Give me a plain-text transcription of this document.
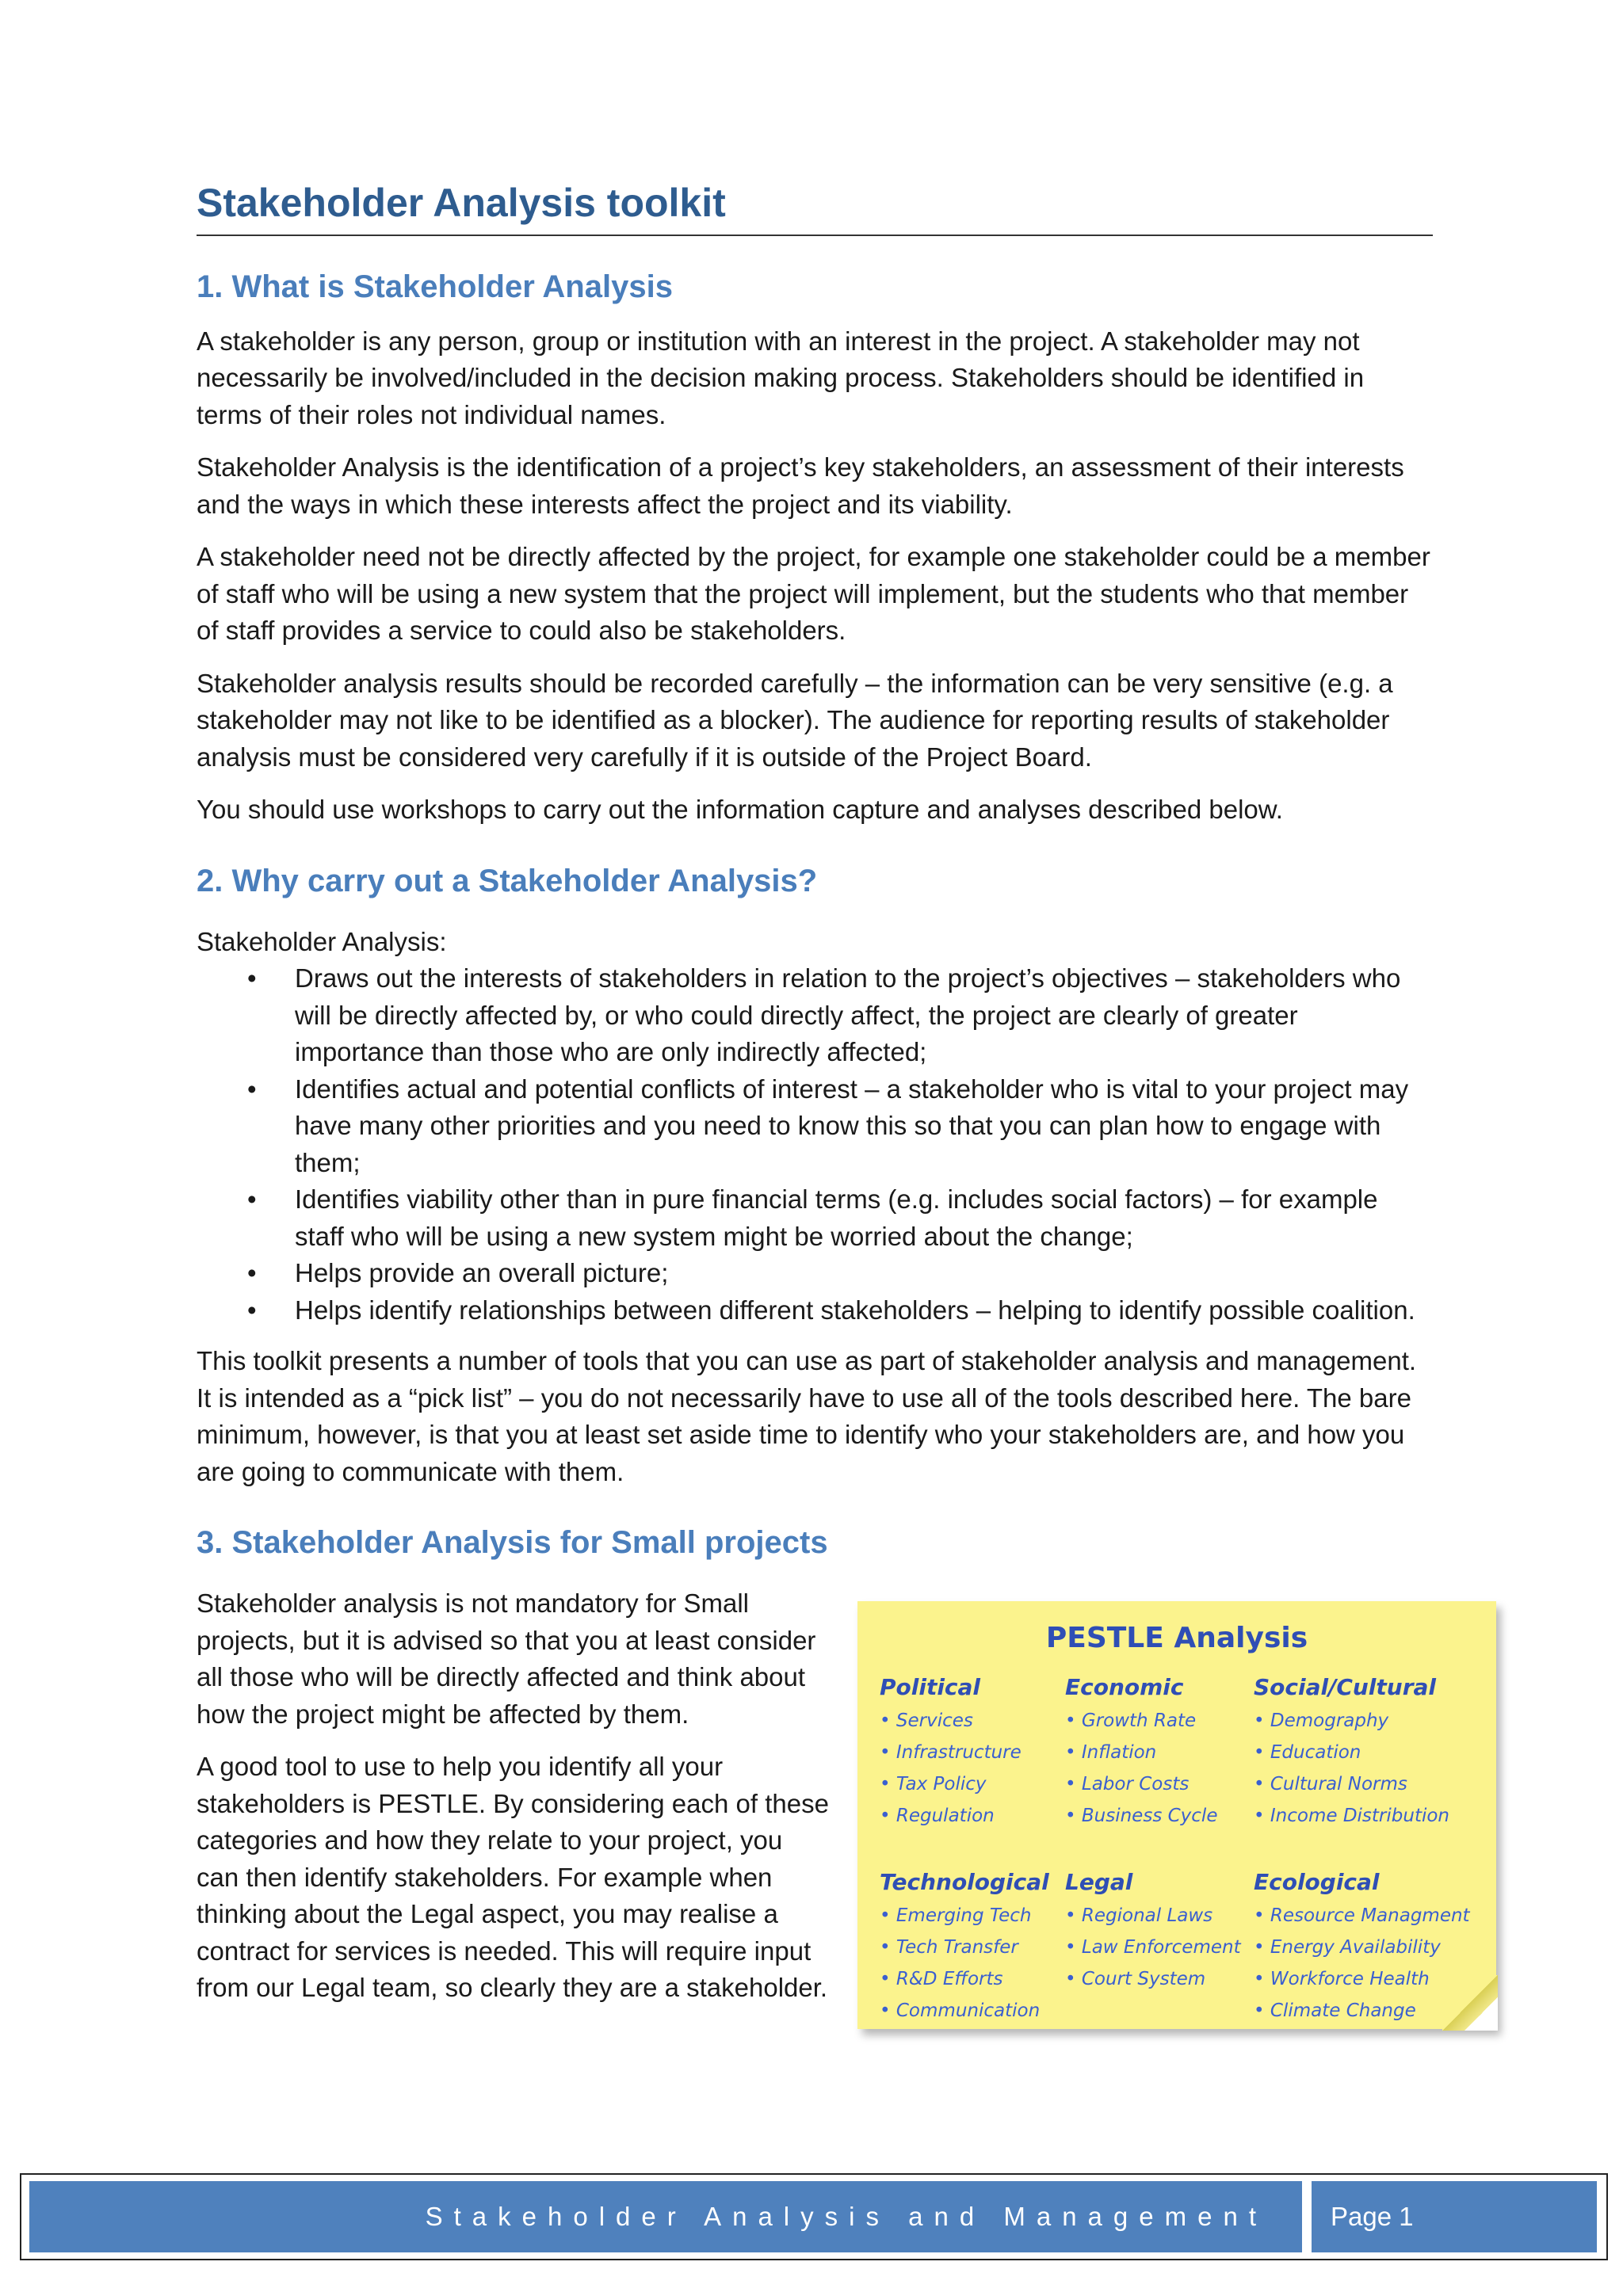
Stakeholder Analysis toolkit
1. What is Stakeholder Analysis

A stakeholder is any person, group or institution with an interest in the project. A stakeholder may not necessarily be involved/included in the decision making process. Stakeholders should be identified in terms of their roles not individual names.

Stakeholder Analysis is the identification of a project’s key stakeholders, an assessment of their interests and the ways in which these interests affect the project and its viability.

A stakeholder need not be directly affected by the project, for example one stakeholder could be a member of staff who will be using a new system that the project will implement, but the students who that member of staff provides a service to could also be stakeholders.

Stakeholder analysis results should be recorded carefully – the information can be very sensitive (e.g. a stakeholder may not like to be identified as a blocker). The audience for reporting results of stakeholder analysis must be considered very carefully if it is outside of the Project Board.

You should use workshops to carry out the information capture and analyses described below.

2. Why carry out a Stakeholder Analysis?

Stakeholder Analysis:

• Draws out the interests of stakeholders in relation to the project’s objectives – stakeholders who will be directly affected by, or who could directly affect, the project are clearly of greater importance than those who are only indirectly affected;
• Identifies actual and potential conflicts of interest – a stakeholder who is vital to your project may have many other priorities and you need to know this so that you can plan how to engage with them;
• Identifies viability other than in pure financial terms (e.g. includes social factors) – for example staff who will be using a new system might be worried about the change;
• Helps provide an overall picture;
• Helps identify relationships between different stakeholders – helping to identify possible coalition.

This toolkit presents a number of tools that you can use as part of stakeholder analysis and management. It is intended as a “pick list” – you do not necessarily have to use all of the tools described here. The bare minimum, however, is that you at least set aside time to identify who your stakeholders are, and how you are going to communicate with them.

3. Stakeholder Analysis for Small projects

Stakeholder analysis is not mandatory for Small projects, but it is advised so that you at least consider all those who will be directly affected and think about how the project might be affected by them.

A good tool to use to help you identify all your stakeholders is PESTLE. By considering each of these categories and how they relate to your project, you can then identify stakeholders. For example when thinking about the Legal aspect, you may realise a contract for services is needed. This will require input from our Legal team, so clearly they are a stakeholder.

PESTLE Analysis
Political
• Services
• Infrastructure
• Tax Policy
• Regulation
Economic
• Growth Rate
• Inflation
• Labor Costs
• Business Cycle
Social/Cultural
• Demography
• Education
• Cultural Norms
• Income Distribution
Technological
• Emerging Tech
• Tech Transfer
• R&D Efforts
• Communication
Legal
• Regional Laws
• Law Enforcement
• Court System
Ecological
• Resource Managment
• Energy Availability
• Workforce Health
• Climate Change
Stakeholder Analysis and Management	Page 1
